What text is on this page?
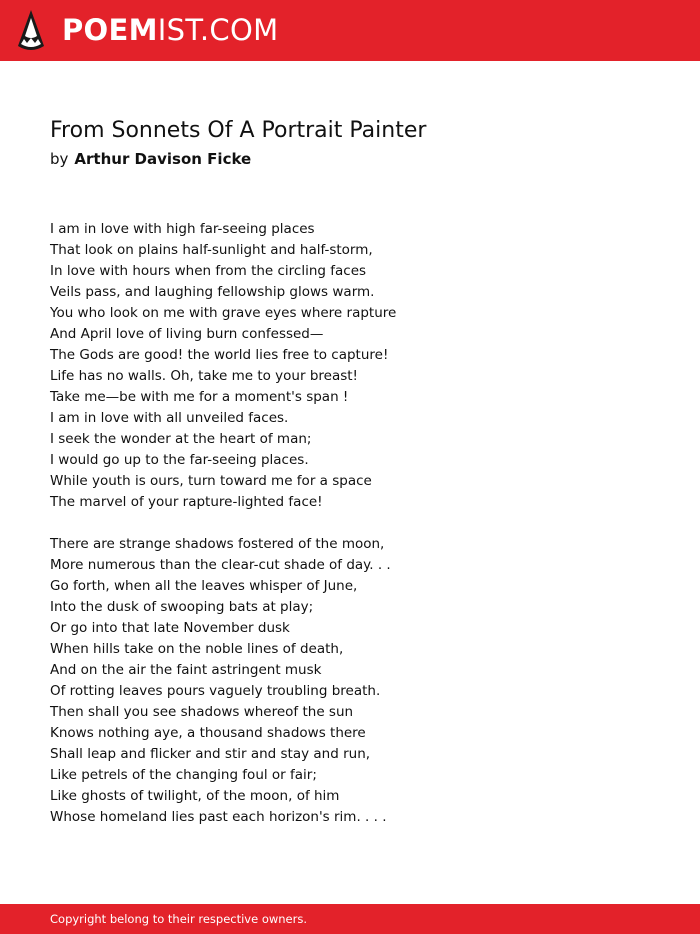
POEMIST.COM
From Sonnets Of A Portrait Painter
by Arthur Davison Ficke
I am in love with high far-seeing places
That look on plains half-sunlight and half-storm,
In love with hours when from the circling faces
Veils pass, and laughing fellowship glows warm.
You who look on me with grave eyes where rapture
And April love of living burn confessed—
The Gods are good! the world lies free to capture!
Life has no walls. Oh, take me to your breast!
Take me—be with me for a moment's span !
I am in love with all unveiled faces.
I seek the wonder at the heart of man;
I would go up to the far-seeing places.
While youth is ours, turn toward me for a space
The marvel of your rapture-lighted face!
There are strange shadows fostered of the moon,
More numerous than the clear-cut shade of day. . .
Go forth, when all the leaves whisper of June,
Into the dusk of swooping bats at play;
Or go into that late November dusk
When hills take on the noble lines of death,
And on the air the faint astringent musk
Of rotting leaves pours vaguely troubling breath.
Then shall you see shadows whereof the sun
Knows nothing aye, a thousand shadows there
Shall leap and flicker and stir and stay and run,
Like petrels of the changing foul or fair;
Like ghosts of twilight, of the moon, of him
Whose homeland lies past each horizon's rim. . . .
Copyright belong to their respective owners.
